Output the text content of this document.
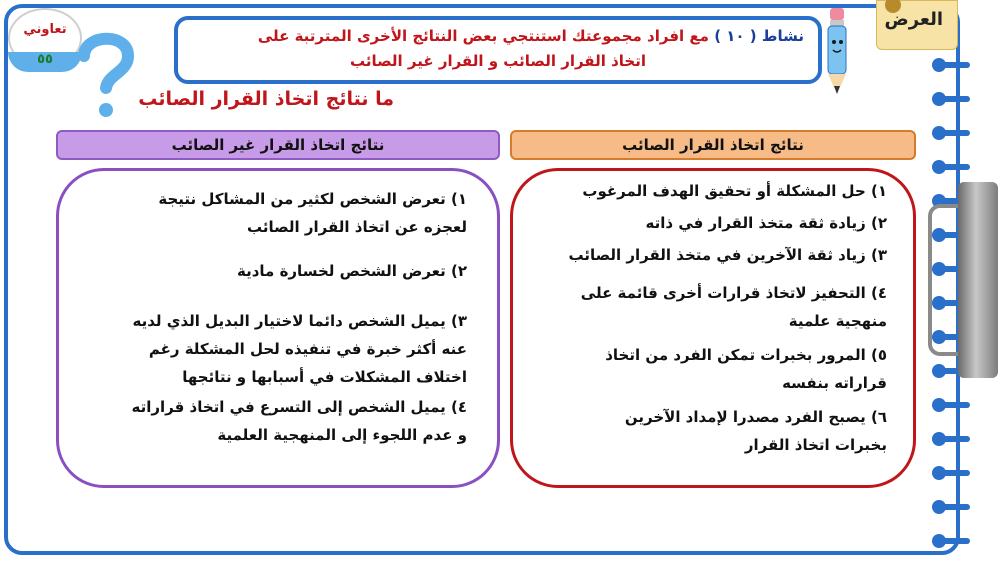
العرض
تعاوني
٥٥
نشاط ( ١٠ ) مع افراد مجموعتك استنتجي بعض النتائج الأخرى المترتبة على
اتخاذ القرار الصائب و القرار غير الصائب
ما نتائج اتخاذ القرار الصائب
نتائج اتخاذ القرار غير الصائب	نتائج اتخاذ القرار الصائب
١) تعرض الشخص لكثير من المشاكل نتيجة
لعجزه عن اتخاذ القرار الصائب
٢) تعرض الشخص لخسارة مادية
٣) يميل الشخص دائما لاختيار البديل الذي لديه
عنه أكثر خبرة في تنفيذه لحل المشكلة رغم
اختلاف المشكلات في أسبابها و نتائجها
٤) يميل الشخص إلى التسرع في اتخاذ قراراته
و عدم اللجوء إلى المنهجية العلمية
١) حل المشكلة أو تحقيق الهدف المرغوب
٢) زيادة ثقة متخذ القرار في ذاته
٣) زياد ثقة الآخرين في متخذ القرار الصائب
٤) التحفيز لاتخاذ قرارات أخرى قائمة على
منهجية علمية
٥) المرور بخبرات تمكن الفرد من اتخاذ
قراراته بنفسه
٦) يصبح الفرد مصدرا لإمداد الآخرين
بخبرات اتخاذ القرار
